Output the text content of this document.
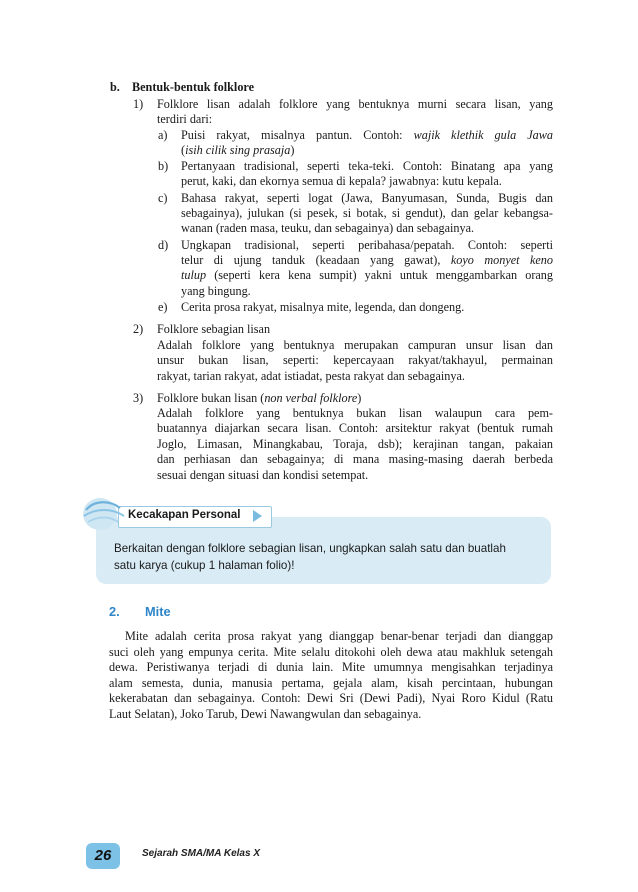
b. Bentuk-bentuk folklore
1) Folklore lisan adalah folklore yang bentuknya murni secara lisan, yang
terdiri dari:
a) Puisi rakyat, misalnya pantun. Contoh: wajik klethik gula Jawa
(isih cilik sing prasaja)
b) Pertanyaan tradisional, seperti teka-teki. Contoh: Binatang apa yang
perut, kaki, dan ekornya semua di kepala? jawabnya: kutu kepala.
c) Bahasa rakyat, seperti logat (Jawa, Banyumasan, Sunda, Bugis dan
sebagainya), julukan (si pesek, si botak, si gendut), dan gelar kebangsa-
wanan (raden masa, teuku, dan sebagainya) dan sebagainya.
d) Ungkapan tradisional, seperti peribahasa/pepatah. Contoh: seperti
telur di ujung tanduk (keadaan yang gawat), koyo monyet keno
tulup (seperti kera kena sumpit) yakni untuk menggambarkan orang
yang bingung.
e) Cerita prosa rakyat, misalnya mite, legenda, dan dongeng.
2) Folklore sebagian lisan
Adalah folklore yang bentuknya merupakan campuran unsur lisan dan
unsur bukan lisan, seperti: kepercayaan rakyat/takhayul, permainan
rakyat, tarian rakyat, adat istiadat, pesta rakyat dan sebagainya.
3) Folklore bukan lisan (non verbal folklore)
Adalah folklore yang bentuknya bukan lisan walaupun cara pem-
buatannya diajarkan secara lisan. Contoh: arsitektur rakyat (bentuk rumah
Joglo, Limasan, Minangkabau, Toraja, dsb); kerajinan tangan, pakaian
dan perhiasan dan sebagainya; di mana masing-masing daerah berbeda
sesuai dengan situasi dan kondisi setempat.
Kecakapan Personal
Berkaitan dengan folklore sebagian lisan, ungkapkan salah satu dan buatlah
satu karya (cukup 1 halaman folio)!
2. Mite
Mite adalah cerita prosa rakyat yang dianggap benar-benar terjadi dan dianggap
suci oleh yang empunya cerita. Mite selalu ditokohi oleh dewa atau makhluk setengah
dewa. Peristiwanya terjadi di dunia lain. Mite umumnya mengisahkan terjadinya
alam semesta, dunia, manusia pertama, gejala alam, kisah percintaan, hubungan
kekerabatan dan sebagainya. Contoh: Dewi Sri (Dewi Padi), Nyai Roro Kidul (Ratu
Laut Selatan), Joko Tarub, Dewi Nawangwulan dan sebagainya.
26	Sejarah SMA/MA Kelas X
